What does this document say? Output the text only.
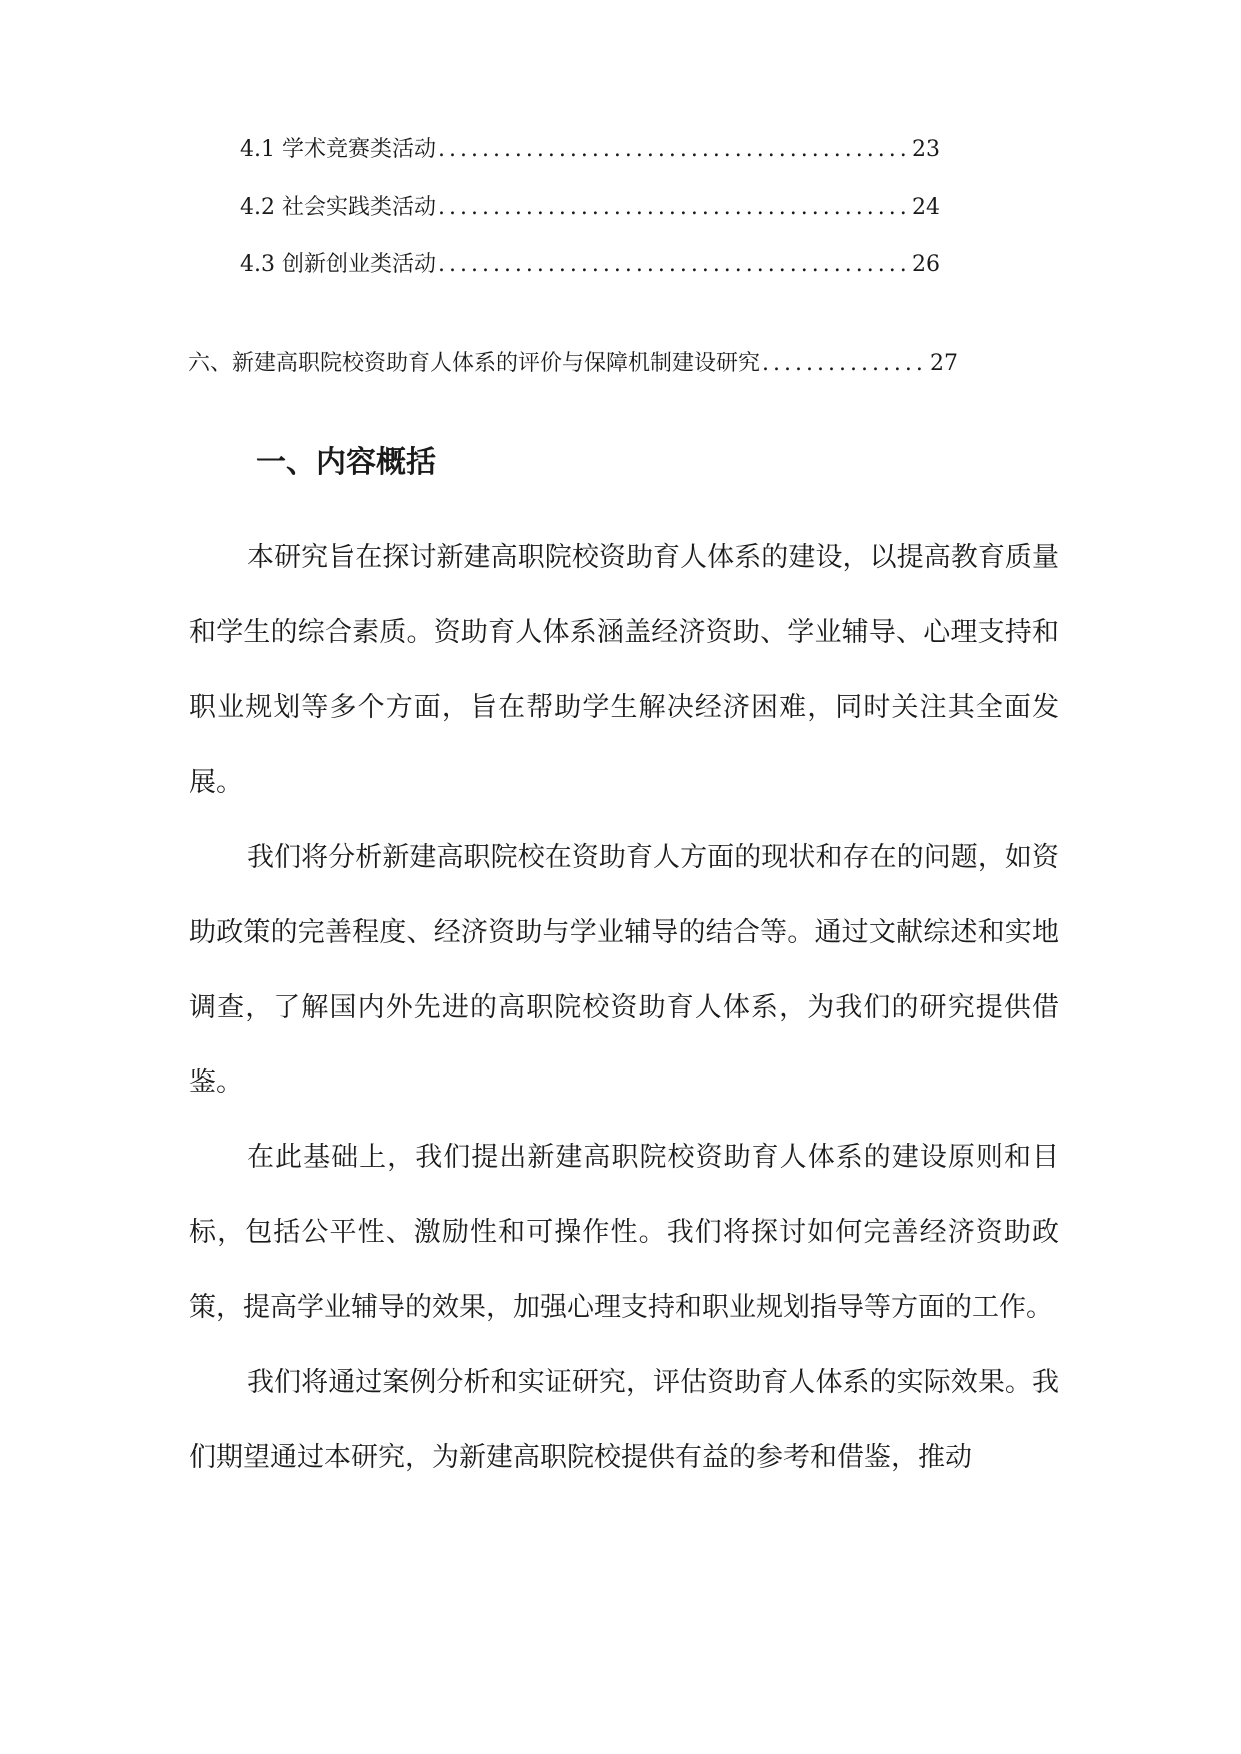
4.1 学术竞赛类活动 .....	23
4.2 社会实践类活动 .....	24
4.3 创新创业类活动 .....	26
六、新建高职院校资助育人体系的评价与保障机制建设研究 .....	27
一、内容概括

本研究旨在探讨新建高职院校资助育人体系的建设，以提高教育质量和学生的综合素质。资助育人体系涵盖经济资助、学业辅导、心理支持和职业规划等多个方面，旨在帮助学生解决经济困难，同时关注其全面发展。

我们将分析新建高职院校在资助育人方面的现状和存在的问题，如资助政策的完善程度、经济资助与学业辅导的结合等。通过文献综述和实地调查，了解国内外先进的高职院校资助育人体系，为我们的研究提供借鉴。

在此基础上，我们提出新建高职院校资助育人体系的建设原则和目标，包括公平性、激励性和可操作性。我们将探讨如何完善经济资助政策，提高学业辅导的效果，加强心理支持和职业规划指导等方面的工作。

我们将通过案例分析和实证研究，评估资助育人体系的实际效果。我们期望通过本研究，为新建高职院校提供有益的参考和借鉴，推动
